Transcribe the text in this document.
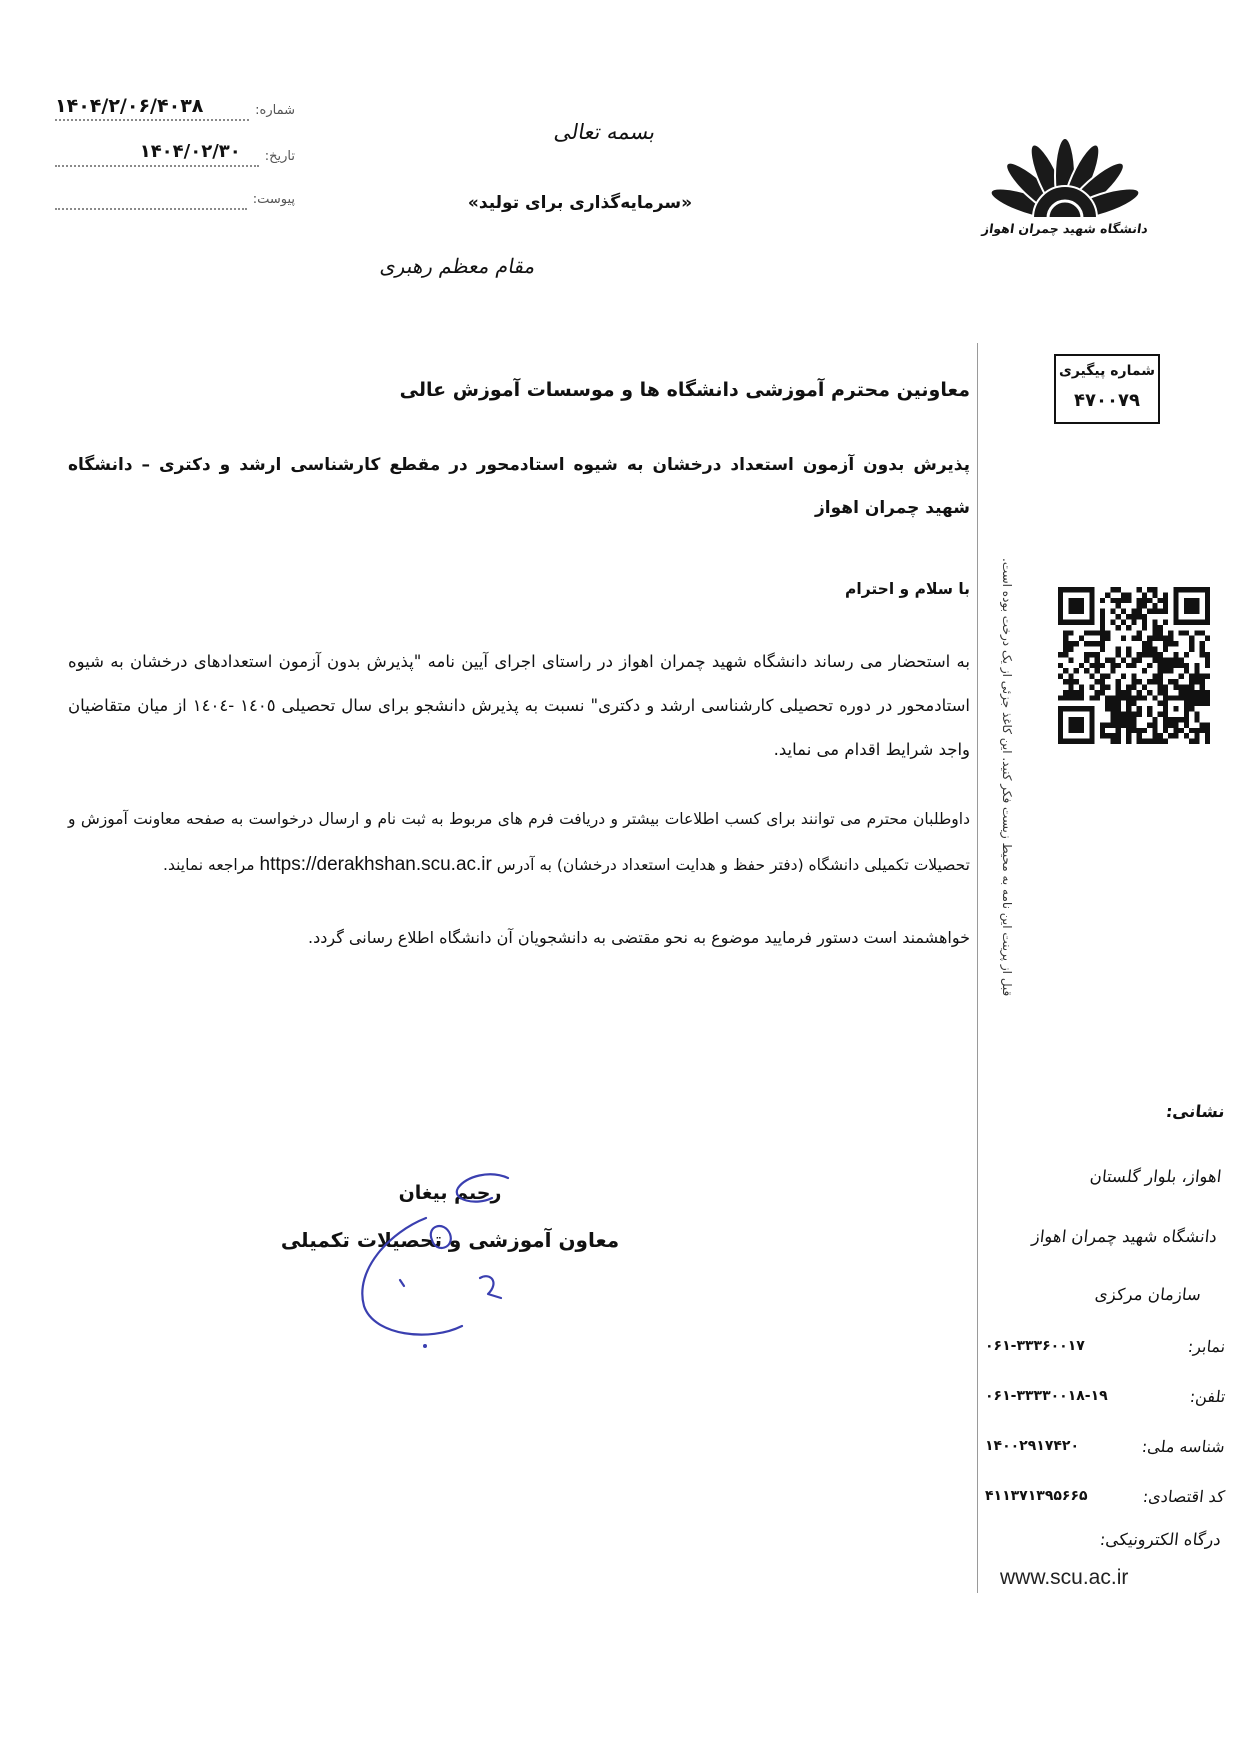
شماره:
۱۴۰۴/۲/۰۶/۴۰۳۸
تاریخ:
۱۴۰۴/۰۲/۳۰
پیوست:
بسمه تعالی
«سرمایه‌گذاری برای تولید»
مقام معظم رهبری
دانشگاه شهید چمران اهواز
شماره پیگیری
۴۷۰۰۷۹
قبل از پرینت این نامه به محیط زیست فکر کنید. این کاغذ جزئی از یک درخت بوده است.

معاونین محترم آموزشی دانشگاه ها و موسسات آموزش عالی

پذیرش بدون آزمون استعداد درخشان به شیوه استادمحور در مقطع کارشناسی ارشد و دکتری – دانشگاه شهید چمران اهواز

با سلام و احترام

به استحضار می رساند دانشگاه شهید چمران اهواز در راستای اجرای آیین نامه "پذیرش بدون آزمون استعدادهای درخشان به شیوه استادمحور در دوره تحصیلی کارشناسی ارشد و دکتری" نسبت به پذیرش دانشجو برای سال تحصیلی ١٤٠٥ -١٤٠٤ از میان متقاضیان واجد شرایط اقدام می نماید.

داوطلبان محترم می توانند برای کسب اطلاعات بیشتر و دریافت فرم های مربوط به ثبت نام و ارسال درخواست به صفحه معاونت آموزش و تحصیلات تکمیلی دانشگاه (دفتر حفظ و هدایت استعداد درخشان) به آدرس https://derakhshan.scu.ac.ir مراجعه نمایند.

خواهشمند است دستور فرمایید موضوع به نحو مقتضی به دانشجویان آن دانشگاه اطلاع رسانی گردد.

رحیم بیغان
معاون آموزشی و تحصیلات تکمیلی
نشانی:
اهواز، بلوار گلستان
دانشگاه شهید چمران اهواز
سازمان مرکزی
نمابر:
۰۶۱-۳۳۳۶۰۰۱۷
تلفن:
۰۶۱-۳۳۳۳۰۰۱۸-۱۹
شناسه ملی:
۱۴۰۰۲۹۱۷۴۲۰
کد اقتصادی:
۴۱۱۳۷۱۳۹۵۶۶۵
درگاه الکترونیکی:
www.scu.ac.ir
